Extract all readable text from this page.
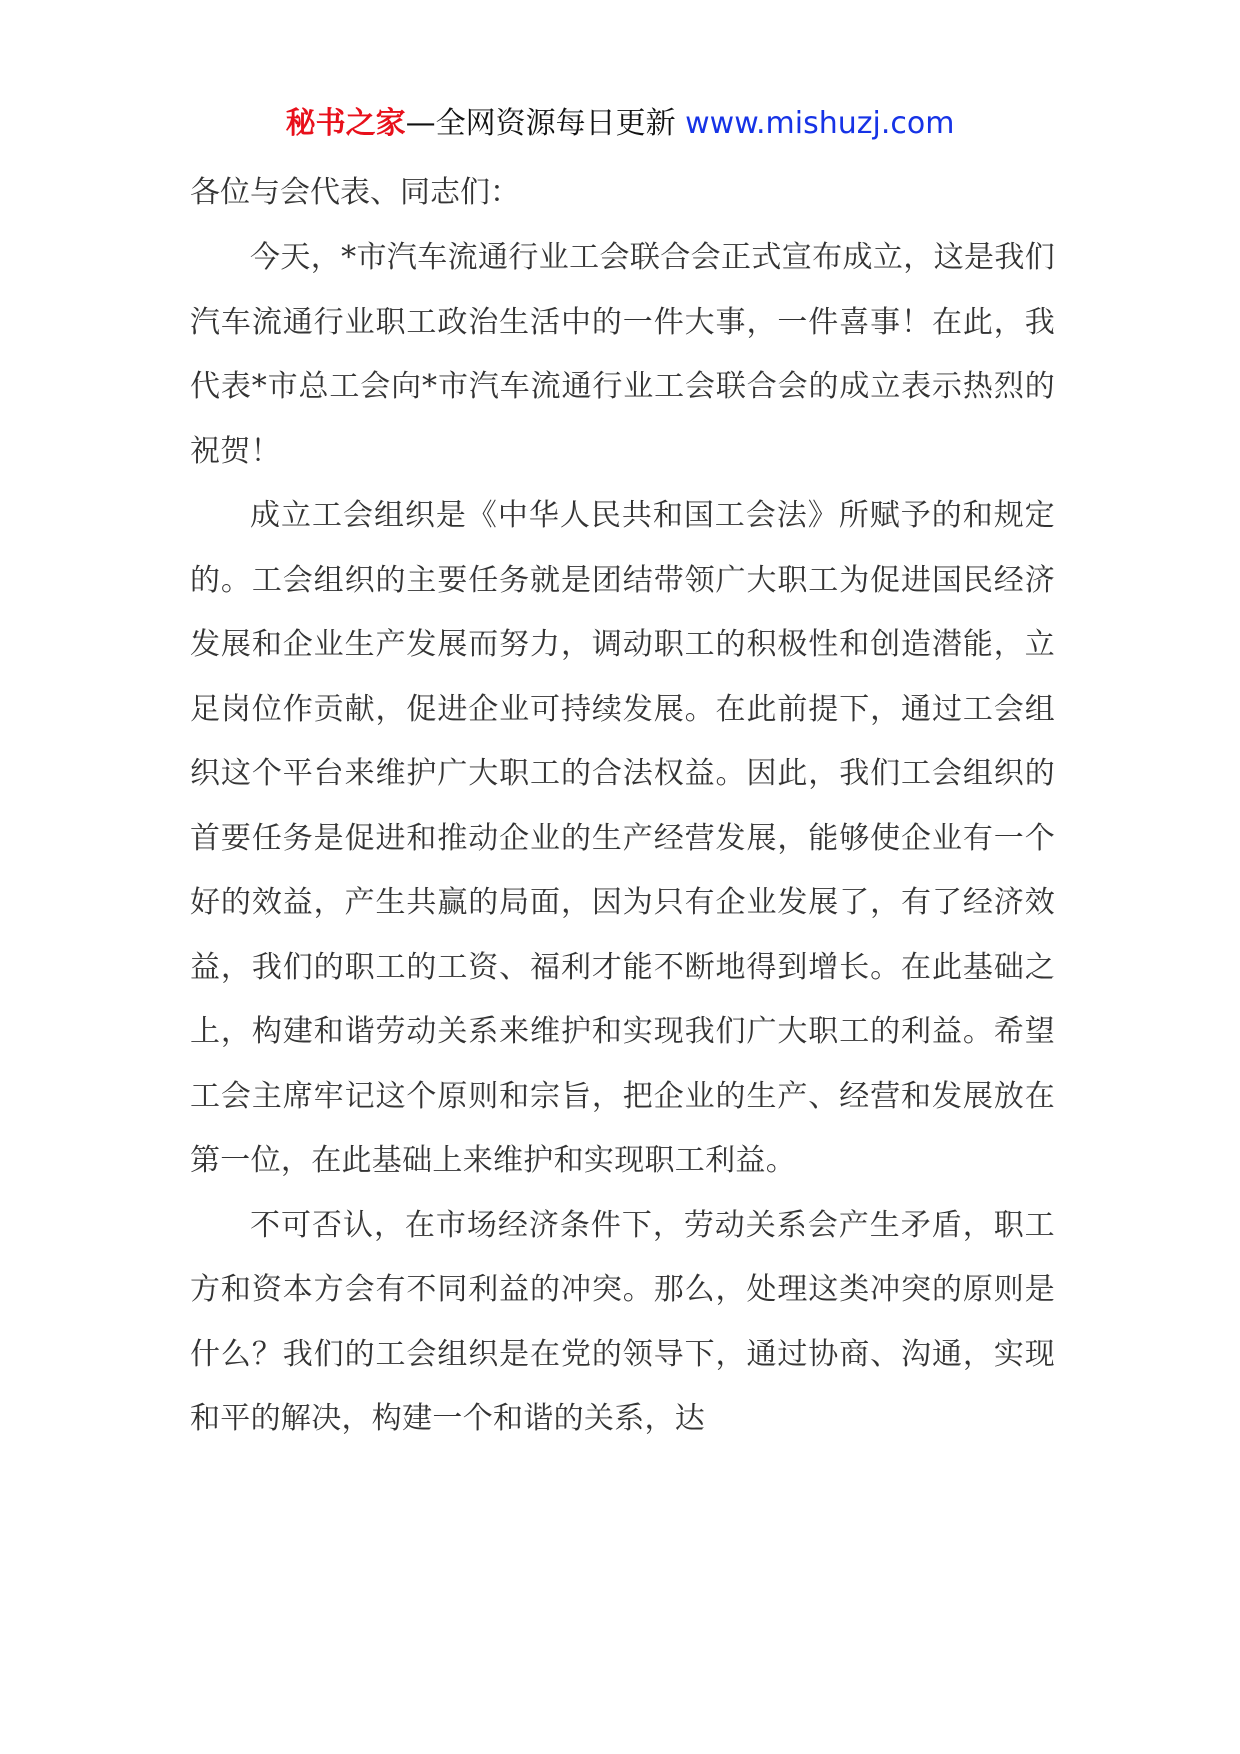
秘书之家—全网资源每日更新 www.mishuzj.com

各位与会代表、同志们：

今天，*市汽车流通行业工会联合会正式宣布成立，这是我们汽车流通行业职工政治生活中的一件大事，一件喜事！在此，我代表*市总工会向*市汽车流通行业工会联合会的成立表示热烈的祝贺！

成立工会组织是《中华人民共和国工会法》所赋予的和规定的。工会组织的主要任务就是团结带领广大职工为促进国民经济发展和企业生产发展而努力，调动职工的积极性和创造潜能，立足岗位作贡献，促进企业可持续发展。在此前提下，通过工会组织这个平台来维护广大职工的合法权益。因此，我们工会组织的首要任务是促进和推动企业的生产经营发展，能够使企业有一个好的效益，产生共赢的局面，因为只有企业发展了，有了经济效益，我们的职工的工资、福利才能不断地得到增长。在此基础之上，构建和谐劳动关系来维护和实现我们广大职工的利益。希望工会主席牢记这个原则和宗旨，把企业的生产、经营和发展放在第一位，在此基础上来维护和实现职工利益。

不可否认，在市场经济条件下，劳动关系会产生矛盾，职工方和资本方会有不同利益的冲突。那么，处理这类冲突的原则是什么？我们的工会组织是在党的领导下，通过协商、沟通，实现和平的解决，构建一个和谐的关系，达
